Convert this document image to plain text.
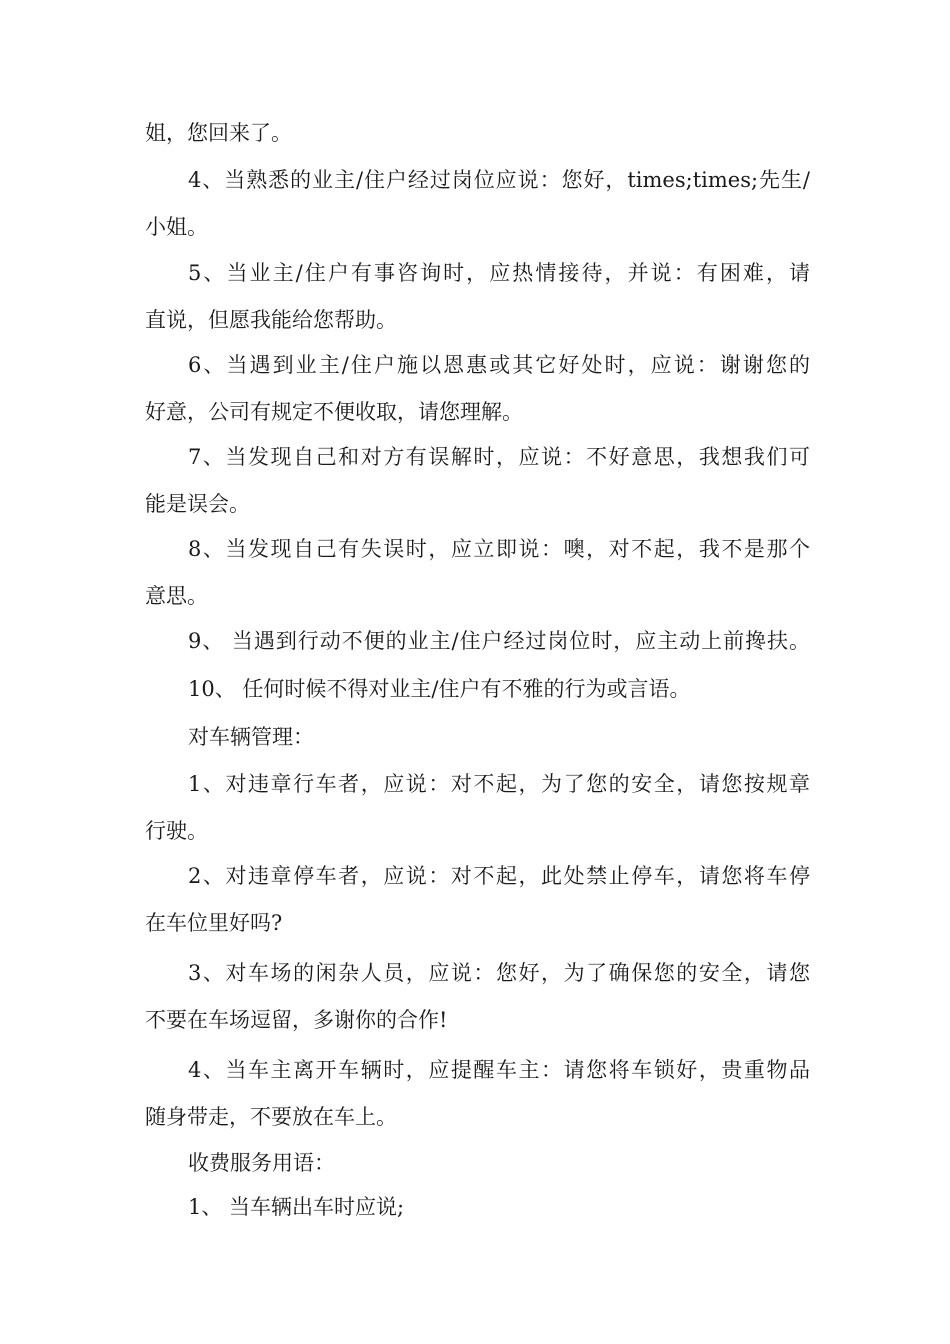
姐，您回来了。
4、当熟悉的业主/住户经过岗位应说：您好，times;times;先生/
小姐。
5、当业主/住户有事咨询时，应热情接待，并说：有困难，请
直说，但愿我能给您帮助。
6、当遇到业主/住户施以恩惠或其它好处时，应说：谢谢您的
好意，公司有规定不便收取，请您理解。
7、当发现自己和对方有误解时，应说：不好意思，我想我们可
能是误会。
8、当发现自己有失误时，应立即说：噢，对不起，我不是那个
意思。
9、 当遇到行动不便的业主/住户经过岗位时，应主动上前搀扶。
10、 任何时候不得对业主/住户有不雅的行为或言语。
对车辆管理：
1、对违章行车者，应说：对不起，为了您的安全，请您按规章
行驶。
2、对违章停车者，应说：对不起，此处禁止停车，请您将车停
在车位里好吗?
3、对车场的闲杂人员，应说：您好，为了确保您的安全，请您
不要在车场逗留，多谢你的合作!
4、当车主离开车辆时，应提醒车主：请您将车锁好，贵重物品
随身带走，不要放在车上。
收费服务用语：
1、 当车辆出车时应说;
